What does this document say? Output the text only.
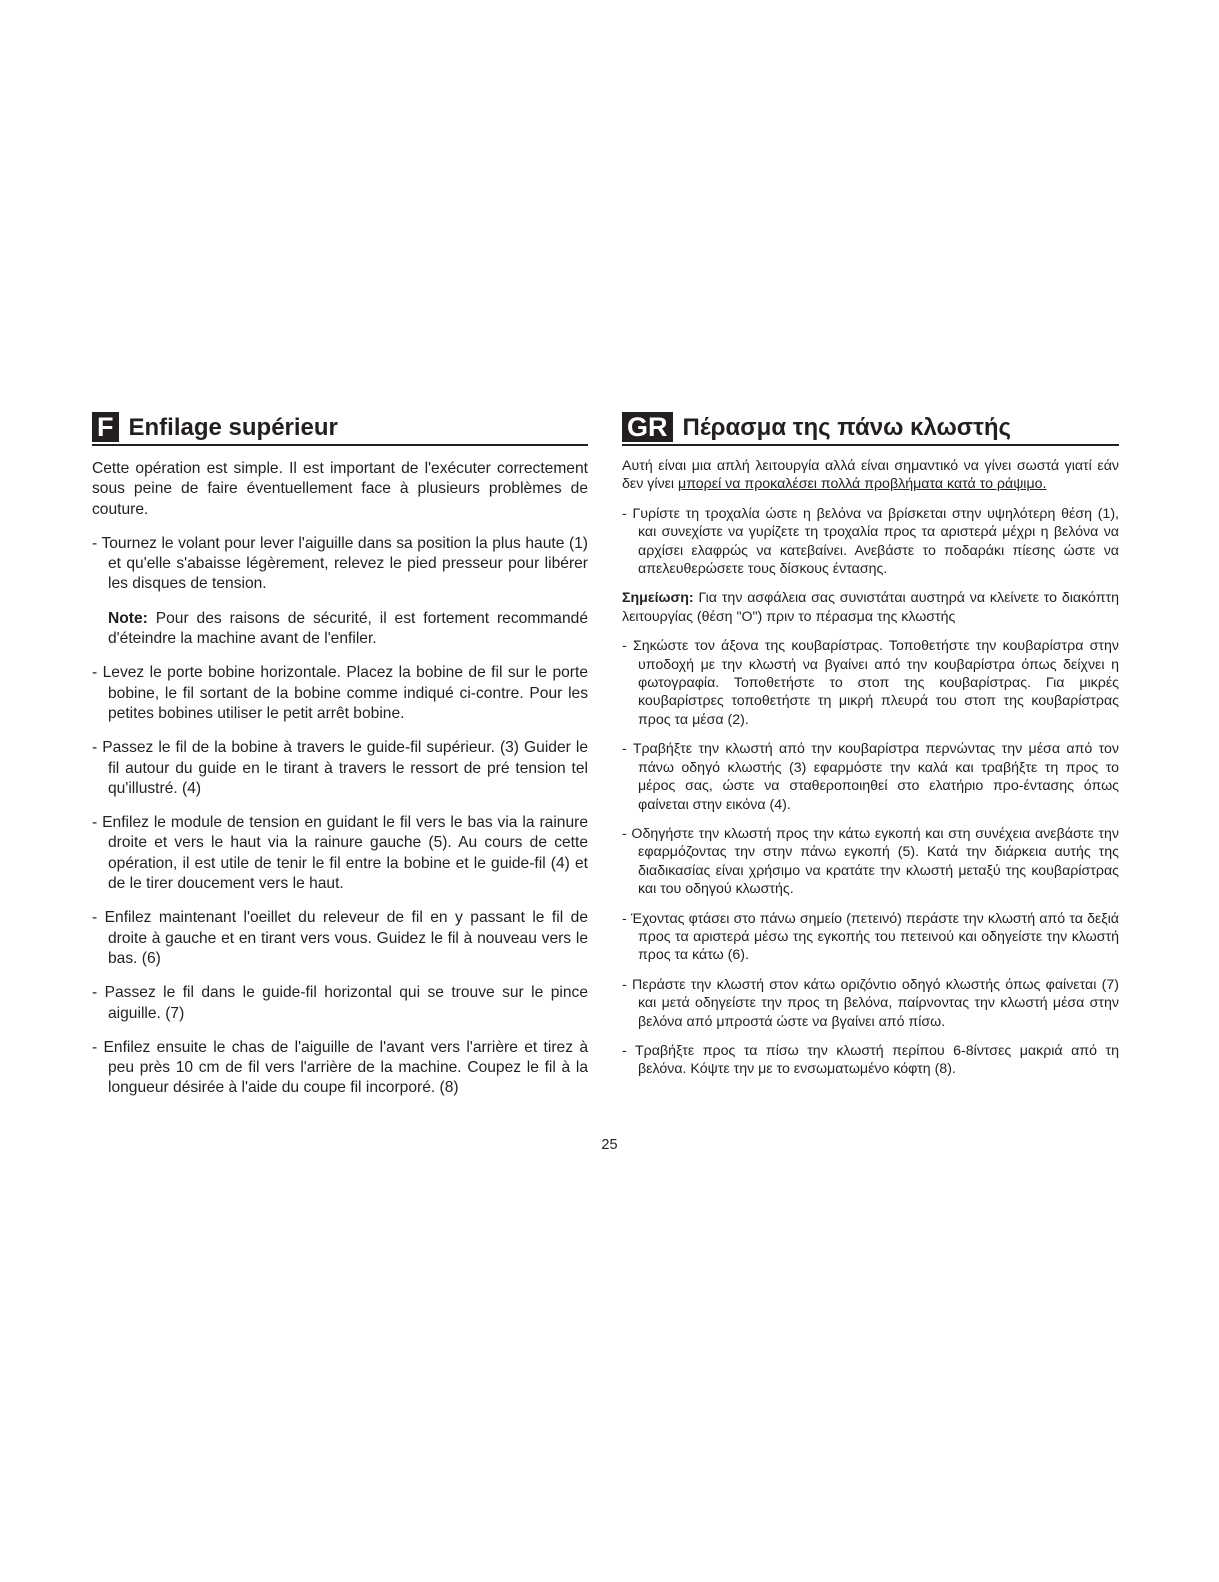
F Enfilage supérieur

Cette opération est simple. Il est important de l'exécuter correctement sous peine de faire éventuellement face à plusieurs problèmes de couture.

- Tournez le volant pour lever l'aiguille dans sa position la plus haute (1) et qu'elle s'abaisse légèrement, relevez le pied presseur pour libérer les disques de tension.

Note: Pour des raisons de sécurité, il est fortement recommandé d'éteindre la machine avant de l'enfiler.

- Levez le porte bobine horizontale. Placez la bobine de fil sur le porte bobine, le fil sortant de la bobine comme indiqué ci-contre. Pour les petites bobines utiliser le petit arrêt bobine.

- Passez le fil de la bobine à travers le guide-fil supérieur. (3) Guider le fil autour du guide en le tirant à travers le ressort de pré tension tel qu'illustré. (4)

- Enfilez le module de tension en guidant le fil vers le bas via la rainure droite et vers le haut via la rainure gauche (5). Au cours de cette opération, il est utile de tenir le fil entre la bobine et le guide-fil (4) et de le tirer doucement vers le haut.

- Enfilez maintenant l'oeillet du releveur de fil en y passant le fil de droite à gauche et en tirant vers vous. Guidez le fil à nouveau vers le bas. (6)

- Passez le fil dans le guide-fil horizontal qui se trouve sur le pince aiguille. (7)

- Enfilez ensuite le chas de l'aiguille de l'avant vers l'arrière et tirez à peu près 10 cm de fil vers l'arrière de la machine. Coupez le fil à la longueur désirée à l'aide du coupe fil incorporé. (8)

GR Πέρασμα της πάνω κλωστής

Αυτή είναι μια απλή λειτουργία αλλά είναι σημαντικό να γίνει σωστά γιατί εάν δεν γίνει μπορεί να προκαλέσει πολλά προβλήματα κατά το ράψιμο.

- Γυρίστε τη τροχαλία ώστε η βελόνα να βρίσκεται στην υψηλότερη θέση (1), και συνεχίστε να γυρίζετε τη τροχαλία προς τα αριστερά μέχρι η βελόνα να αρχίσει ελαφρώς να κατεβαίνει. Ανεβάστε το ποδαράκι πίεσης ώστε να απελευθερώσετε τους δίσκους έντασης.

Σημείωση: Για την ασφάλεια σας συνιστάται αυστηρά να κλείνετε το διακόπτη λειτουργίας (θέση "O") πριν το πέρασμα της κλωστής

- Σηκώστε τον άξονα της κουβαρίστρας. Τοποθετήστε την κουβαρίστρα στην υποδοχή με την κλωστή να βγαίνει από την κουβαρίστρα όπως δείχνει η φωτογραφία. Τοποθετήστε το στοπ της κουβαρίστρας. Για μικρές κουβαρίστρες τοποθετήστε τη μικρή πλευρά του στοπ της κουβαρίστρας προς τα μέσα (2).

- Τραβήξτε την κλωστή από την κουβαρίστρα περνώντας την μέσα από τον πάνω οδηγό κλωστής (3) εφαρμόστε την καλά και τραβήξτε τη προς το μέρος σας, ώστε να σταθεροποιηθεί στο ελατήριο προ-έντασης όπως φαίνεται στην εικόνα (4).

- Οδηγήστε την κλωστή προς την κάτω εγκοπή και στη συνέχεια ανεβάστε την εφαρμόζοντας την στην πάνω εγκοπή (5). Κατά την διάρκεια αυτής της διαδικασίας είναι χρήσιμο να κρατάτε την κλωστή μεταξύ της κουβαρίστρας και του οδηγού κλωστής.

- Έχοντας φτάσει στο πάνω σημείο (πετεινό) περάστε την κλωστή από τα δεξιά προς τα αριστερά μέσω της εγκοπής του πετεινού και οδηγείστε την κλωστή προς τα κάτω (6).

- Περάστε την κλωστή στον κάτω οριζόντιο οδηγό κλωστής όπως φαίνεται (7) και μετά οδηγείστε την προς τη βελόνα, παίρνοντας την κλωστή μέσα στην βελόνα από μπροστά ώστε να βγαίνει από πίσω.

- Τραβήξτε προς τα πίσω την κλωστή περίπου 6-8ίντσες μακριά από τη βελόνα. Κόψτε την με το ενσωματωμένο κόφτη (8).

25
